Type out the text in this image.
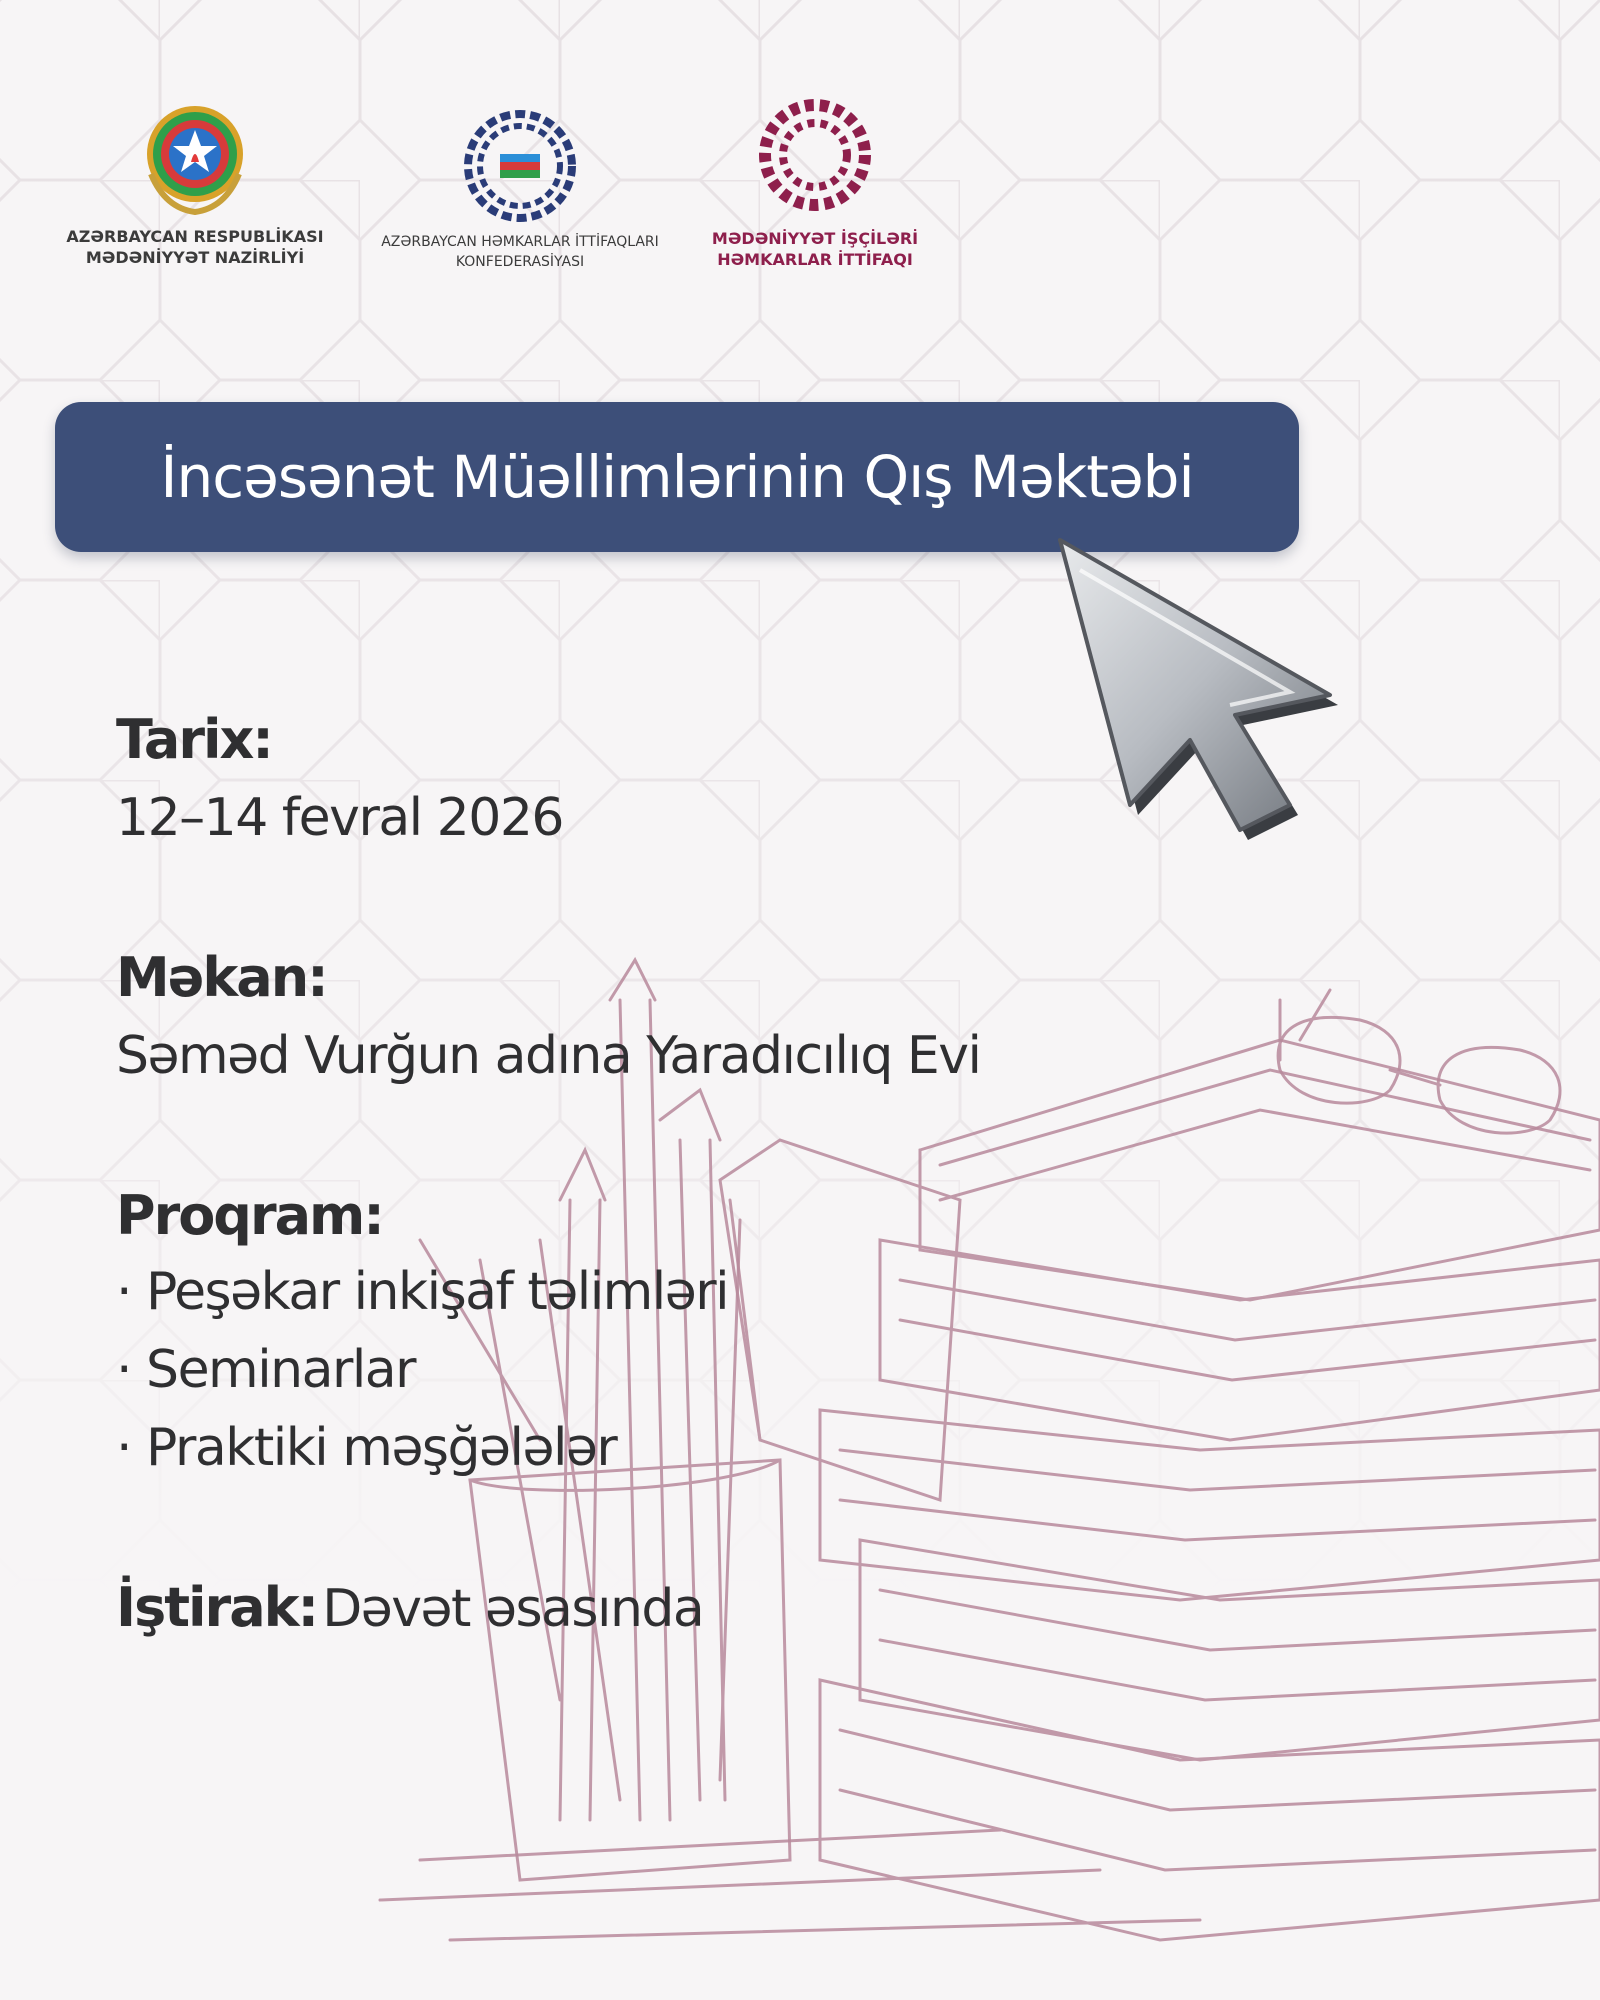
AZƏRBAYCAN RESPUBLİKASI
MƏDƏNİYYƏT NAZİRLİYİ
AZƏRBAYCAN HƏMKARLAR İTTİFAQLARI
KONFEDERASİYASI
MƏDƏNİYYƏT İŞÇİLƏRİ
HƏMKARLAR İTTİFAQI
İncəsənət Müəllimlərinin Qış Məktəbi
Tarix:
12–14 fevral 2026
Məkan:
Səməd Vurğun adına Yaradıcılıq Evi
Proqram:
· Peşəkar inkişaf təlimləri
· Seminarlar
· Praktiki məşğələlər
İştirak: Dəvət əsasında
